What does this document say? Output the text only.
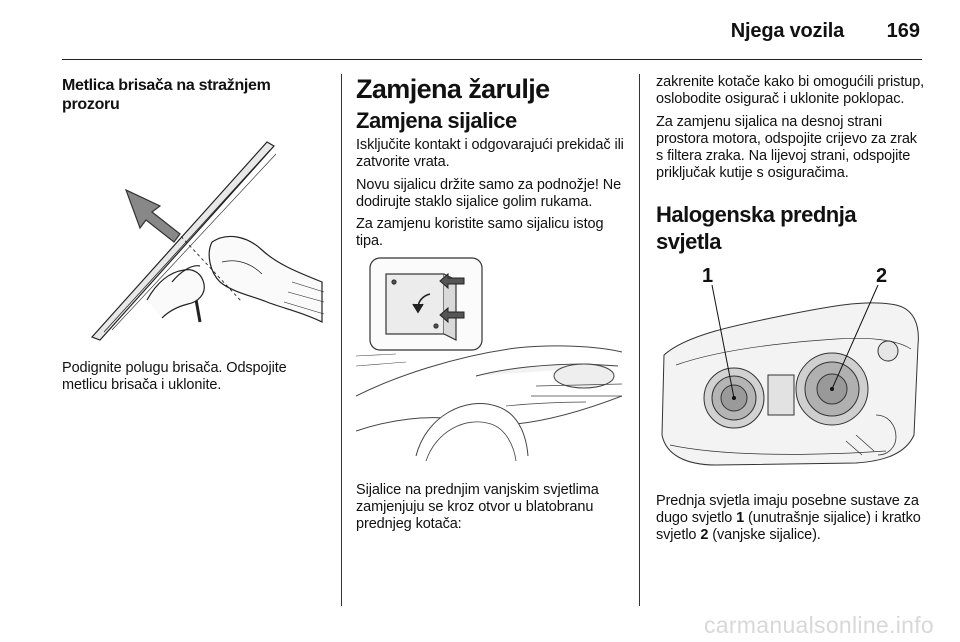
Njega vozila 169
Metlica brisača na stražnjem prozoru

Podignite polugu brisača. Odspojite metlicu brisača i uklonite.

Zamjena žarulje
Zamjena sijalice

Isključite kontakt i odgovarajući prekidač ili zatvorite vrata.

Novu sijalicu držite samo za podnožje! Ne dodirujte staklo sijalice golim rukama.

Za zamjenu koristite samo sijalicu istog tipa.

Sijalice na prednjim vanjskim svjetlima zamjenjuju se kroz otvor u blatobranu prednjeg kotača:

zakrenite kotače kako bi omogućili pristup, oslobodite osigurač i uklonite poklopac.

Za zamjenu sijalica na desnoj strani prostora motora, odspojite crijevo za zrak s filtera zraka. Na lijevoj strani, odspojite priključak kutije s osiguračima.

Halogenska prednja svjetla
1	2

Prednja svjetla imaju posebne sustave za dugo svjetlo 1 (unutrašnje sijalice) i kratko svjetlo 2 (vanjske sijalice).

carmanualsonline.info
